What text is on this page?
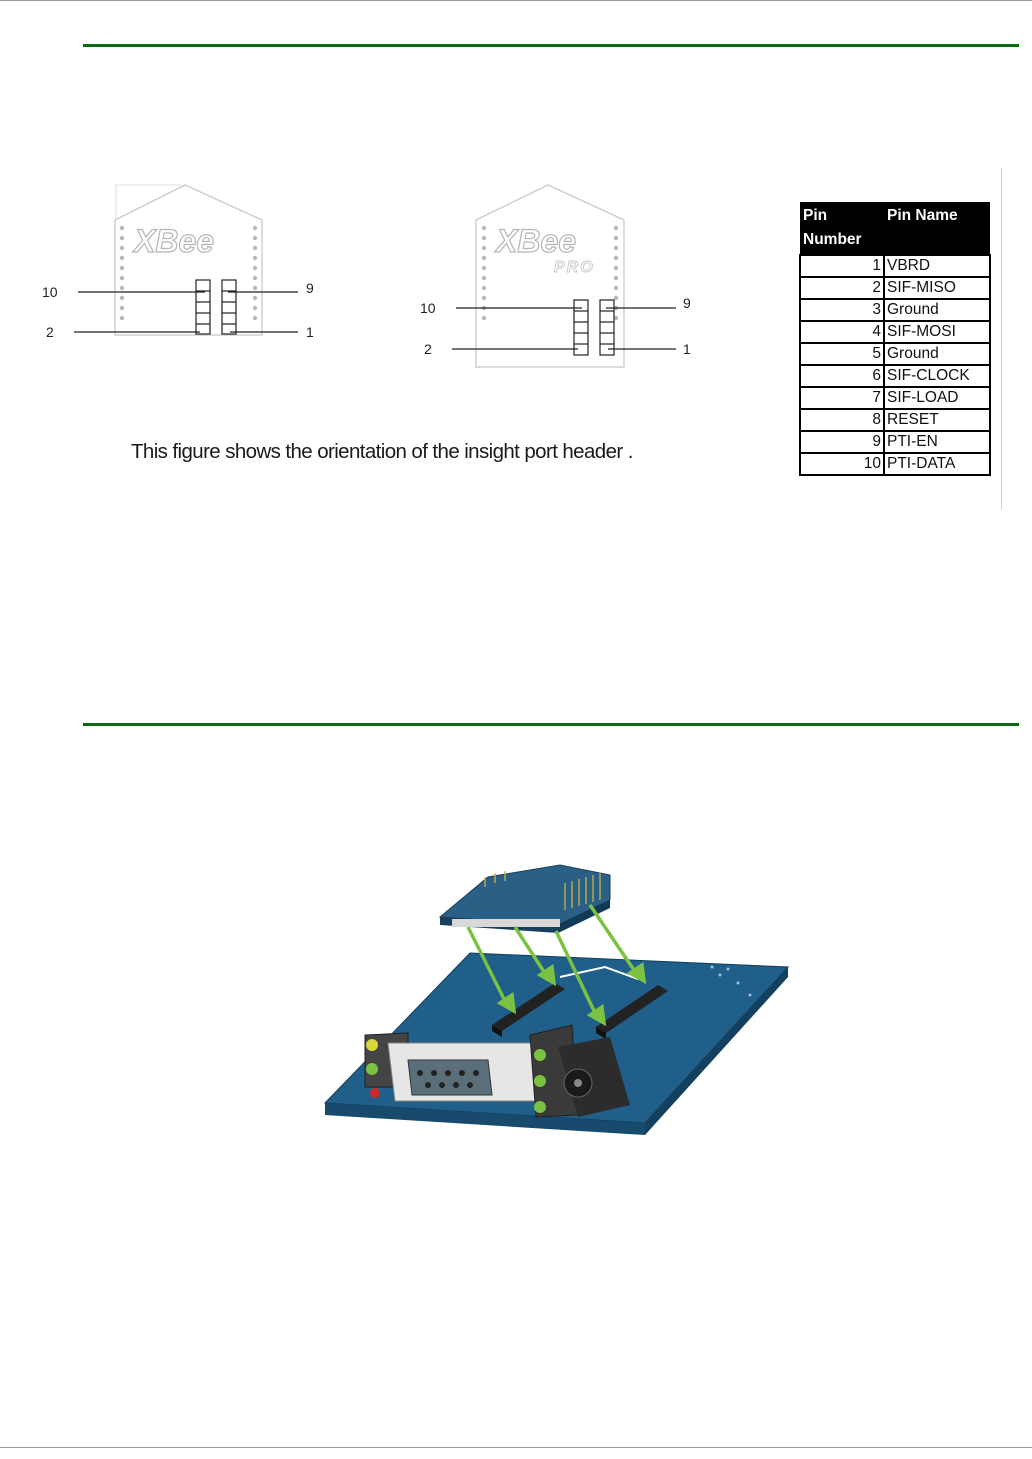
XBee
10	9
2	1
XBee
PRO
10	9
2	1
This figure shows the orientation of the insight port header .
Pin Number	Pin Name
1	VBRD
2	SIF-MISO
3	Ground
4	SIF-MOSI
5	Ground
6	SIF-CLOCK
7	SIF-LOAD
8	RESET
9	PTI-EN
10	PTI-DATA
